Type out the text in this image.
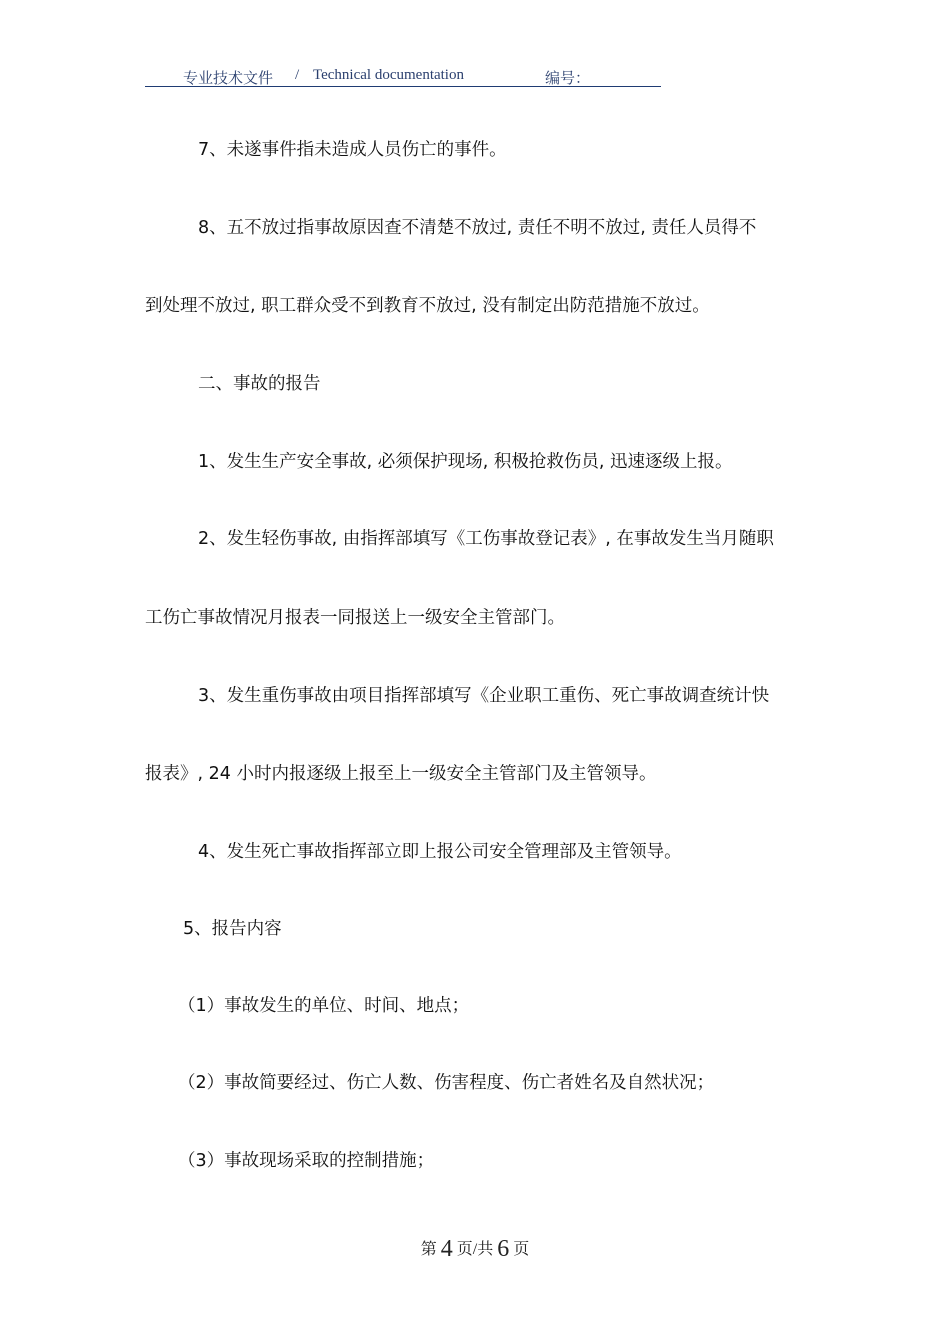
专业技术文件 / Technical documentation	编号：
7、未遂事件指未造成人员伤亡的事件。
8、五不放过指事故原因查不清楚不放过, 责任不明不放过, 责任人员得不
到处理不放过, 职工群众受不到教育不放过, 没有制定出防范措施不放过。
二、事故的报告
1、发生生产安全事故, 必须保护现场, 积极抢救伤员, 迅速逐级上报。
2、发生轻伤事故, 由指挥部填写《工伤事故登记表》, 在事故发生当月随职
工伤亡事故情况月报表一同报送上一级安全主管部门。
3、发生重伤事故由项目指挥部填写《企业职工重伤、死亡事故调查统计快
报表》, 24 小时内报逐级上报至上一级安全主管部门及主管领导。
4、发生死亡事故指挥部立即上报公司安全管理部及主管领导。
5、报告内容
（1）事故发生的单位、时间、地点；
（2）事故简要经过、伤亡人数、伤害程度、伤亡者姓名及自然状况；
（3）事故现场采取的控制措施；
第 4 页/共 6 页
